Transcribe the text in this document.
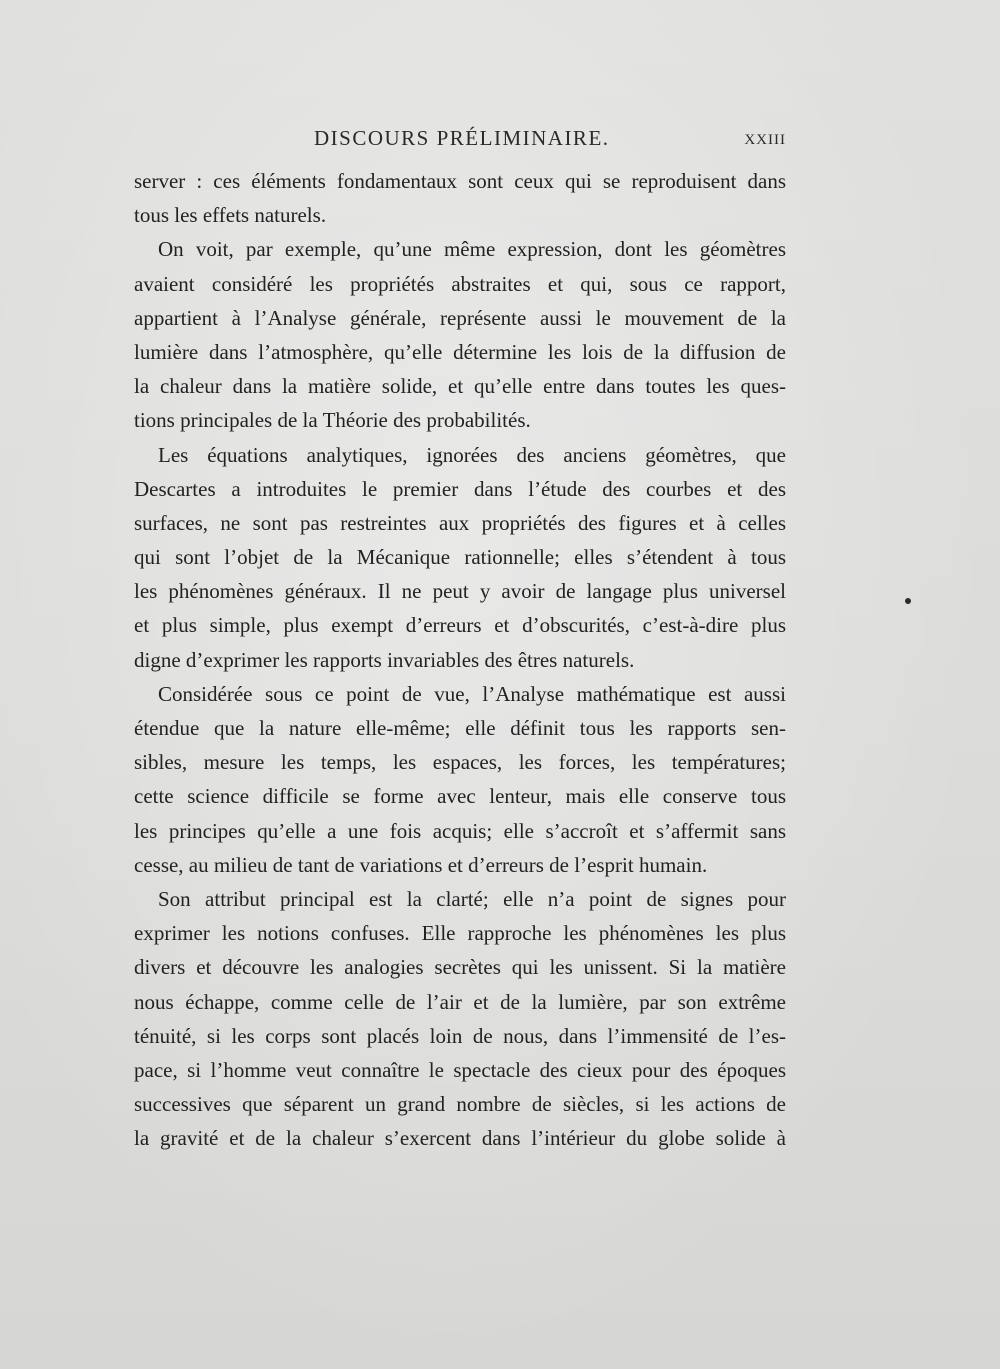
DISCOURS PRÉLIMINAIRE.	XXIII
server : ces éléments fondamentaux sont ceux qui se reproduisent dans
tous les effets naturels.
On voit, par exemple, qu’une même expression, dont les géomètres
avaient considéré les propriétés abstraites et qui, sous ce rapport,
appartient à l’Analyse générale, représente aussi le mouvement de la
lumière dans l’atmosphère, qu’elle détermine les lois de la diffusion de
la chaleur dans la matière solide, et qu’elle entre dans toutes les ques-
tions principales de la Théorie des probabilités.
Les équations analytiques, ignorées des anciens géomètres, que
Descartes a introduites le premier dans l’étude des courbes et des
surfaces, ne sont pas restreintes aux propriétés des figures et à celles
qui sont l’objet de la Mécanique rationnelle; elles s’étendent à tous
les phénomènes généraux. Il ne peut y avoir de langage plus universel
et plus simple, plus exempt d’erreurs et d’obscurités, c’est-à-dire plus
digne d’exprimer les rapports invariables des êtres naturels.
Considérée sous ce point de vue, l’Analyse mathématique est aussi
étendue que la nature elle-même; elle définit tous les rapports sen-
sibles, mesure les temps, les espaces, les forces, les températures;
cette science difficile se forme avec lenteur, mais elle conserve tous
les principes qu’elle a une fois acquis; elle s’accroît et s’affermit sans
cesse, au milieu de tant de variations et d’erreurs de l’esprit humain.
Son attribut principal est la clarté; elle n’a point de signes pour
exprimer les notions confuses. Elle rapproche les phénomènes les plus
divers et découvre les analogies secrètes qui les unissent. Si la matière
nous échappe, comme celle de l’air et de la lumière, par son extrême
ténuité, si les corps sont placés loin de nous, dans l’immensité de l’es-
pace, si l’homme veut connaître le spectacle des cieux pour des époques
successives que séparent un grand nombre de siècles, si les actions de
la gravité et de la chaleur s’exercent dans l’intérieur du globe solide à
